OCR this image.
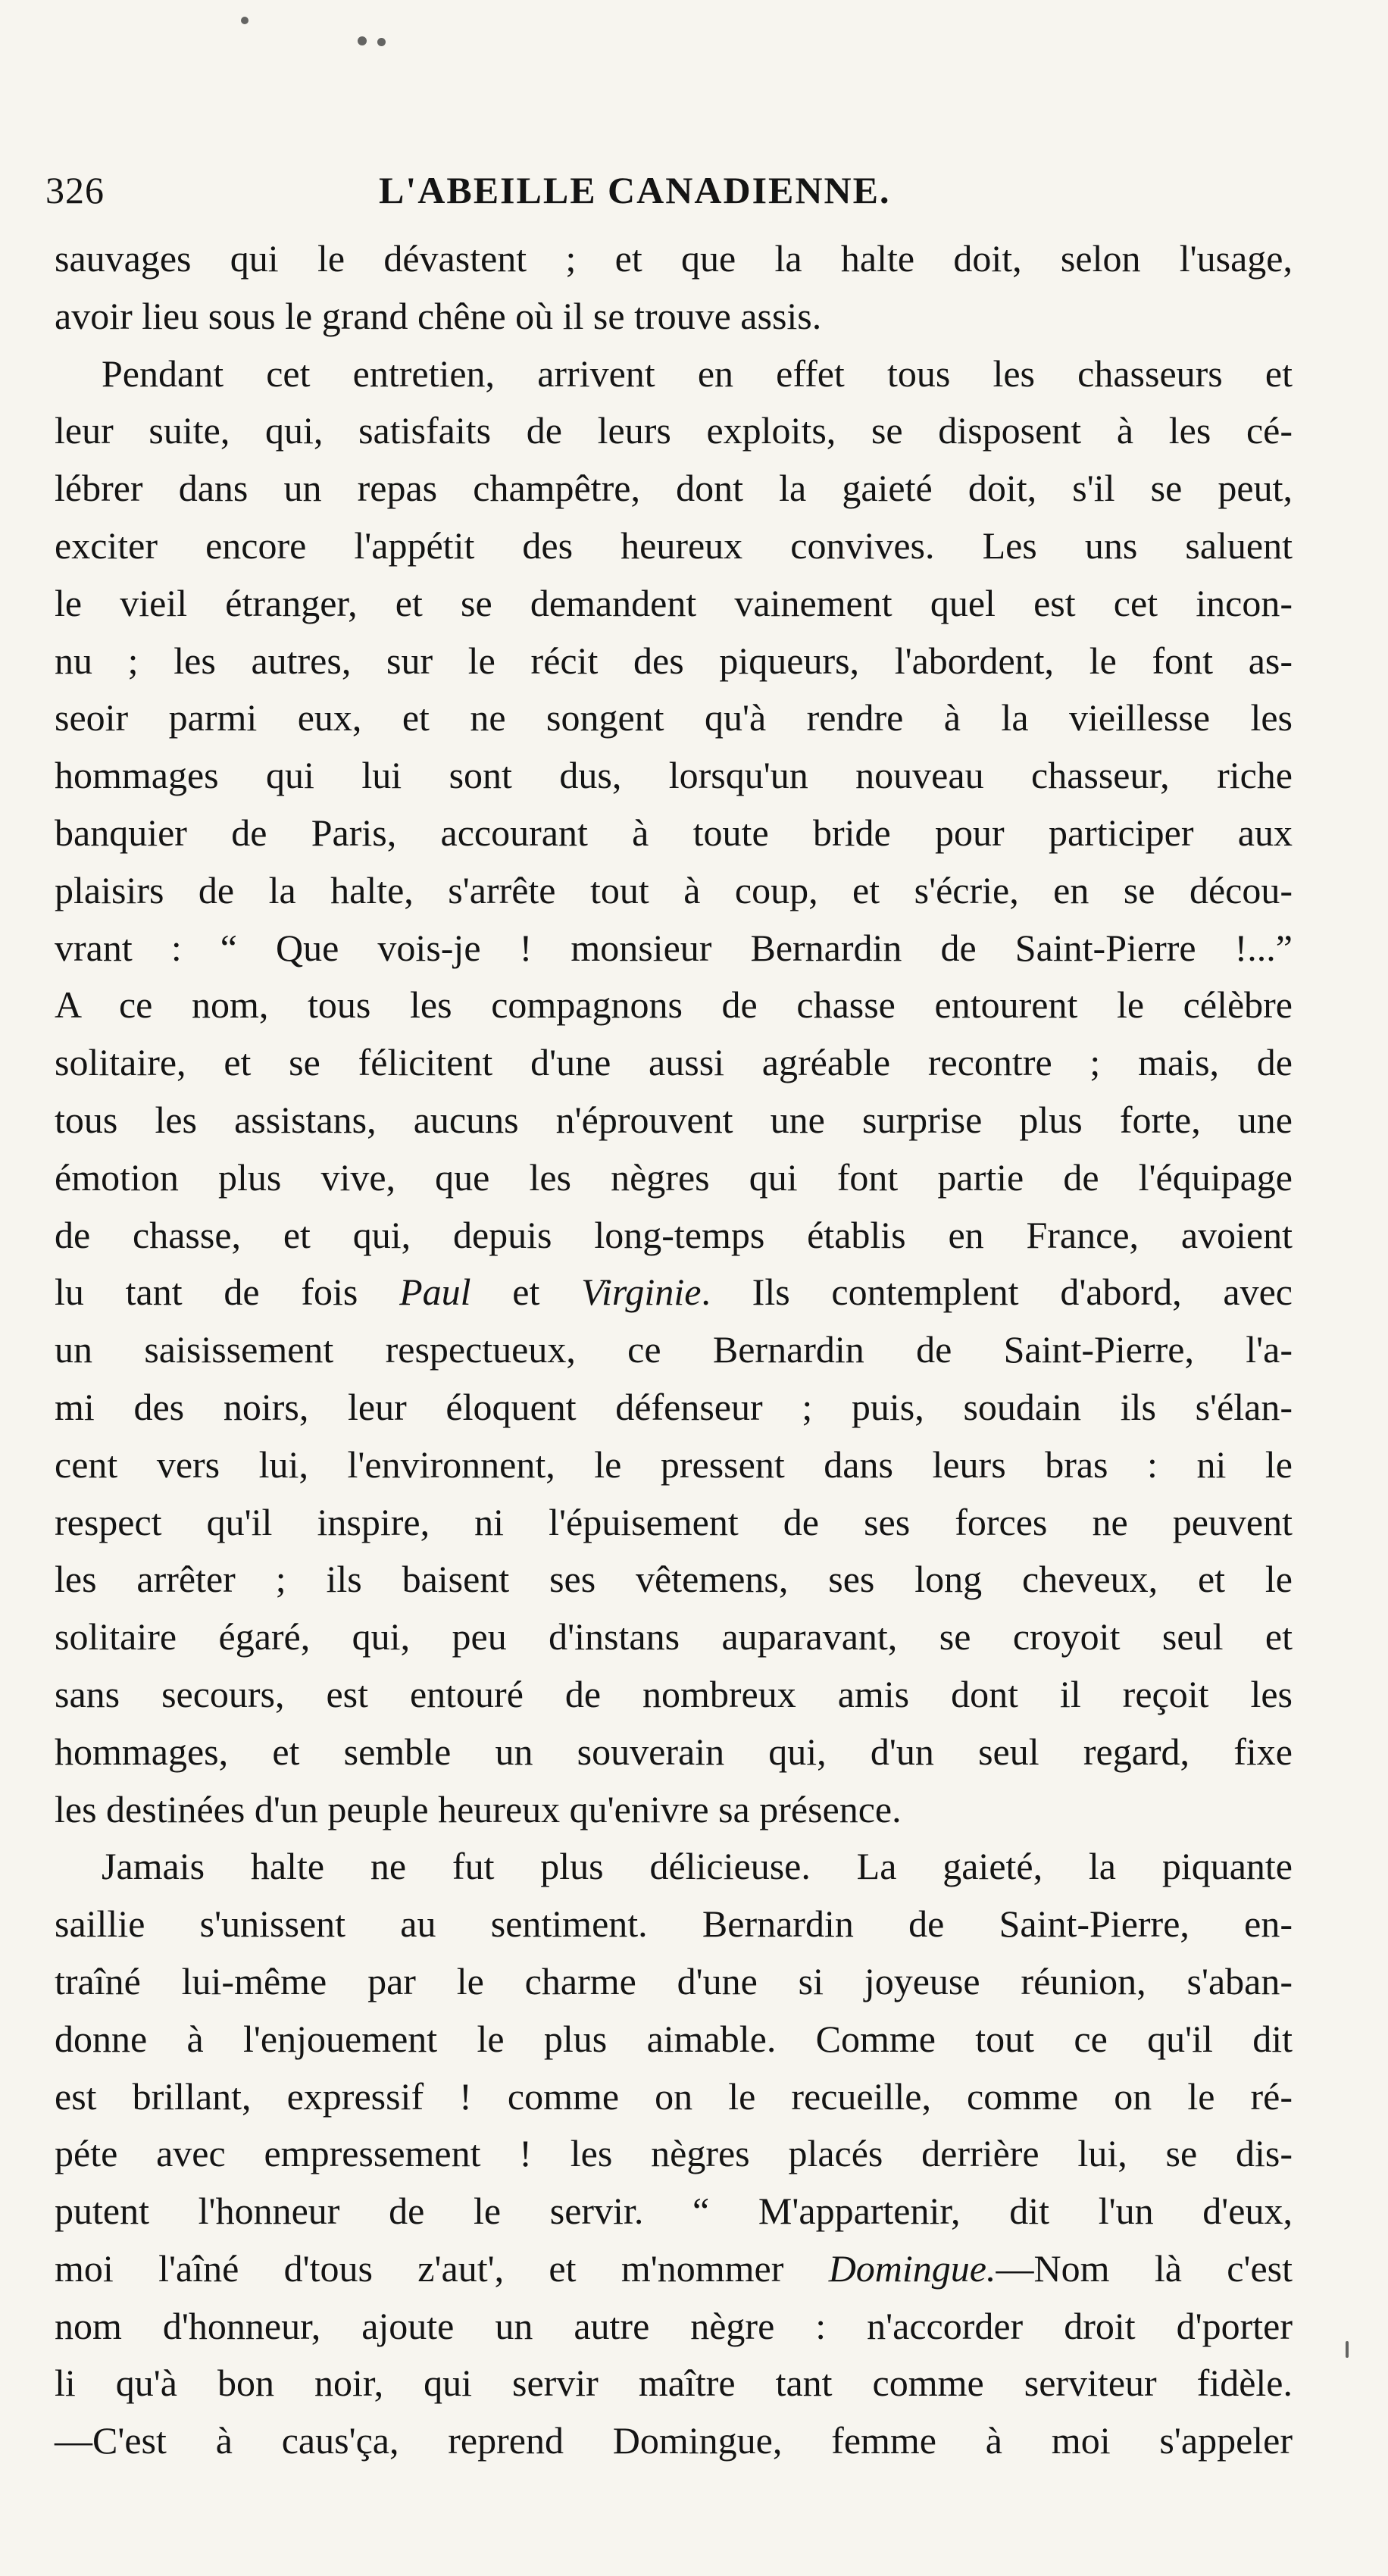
326	L'ABEILLE CANADIENNE.
sauvages qui le dévastent ; et que la halte doit, selon l'usage,
avoir lieu sous le grand chêne où il se trouve assis.
Pendant cet entretien, arrivent en effet tous les chasseurs et
leur suite, qui, satisfaits de leurs exploits, se disposent à les cé-
lébrer dans un repas champêtre, dont la gaieté doit, s'il se peut,
exciter encore l'appétit des heureux convives. Les uns saluent
le vieil étranger, et se demandent vainement quel est cet incon-
nu ; les autres, sur le récit des piqueurs, l'abordent, le font as-
seoir parmi eux, et ne songent qu'à rendre à la vieillesse les
hommages qui lui sont dus, lorsqu'un nouveau chasseur, riche
banquier de Paris, accourant à toute bride pour participer aux
plaisirs de la halte, s'arrête tout à coup, et s'écrie, en se décou-
vrant : “ Que vois-je ! monsieur Bernardin de Saint-Pierre !...”
A ce nom, tous les compagnons de chasse entourent le célèbre
solitaire, et se félicitent d'une aussi agréable recontre ; mais, de
tous les assistans, aucuns n'éprouvent une surprise plus forte, une
émotion plus vive, que les nègres qui font partie de l'équipage
de chasse, et qui, depuis long-temps établis en France, avoient
lu tant de fois Paul et Virginie. Ils contemplent d'abord, avec
un saisissement respectueux, ce Bernardin de Saint-Pierre, l'a-
mi des noirs, leur éloquent défenseur ; puis, soudain ils s'élan-
cent vers lui, l'environnent, le pressent dans leurs bras : ni le
respect qu'il inspire, ni l'épuisement de ses forces ne peuvent
les arrêter ; ils baisent ses vêtemens, ses long cheveux, et le
solitaire égaré, qui, peu d'instans auparavant, se croyoit seul et
sans secours, est entouré de nombreux amis dont il reçoit les
hommages, et semble un souverain qui, d'un seul regard, fixe
les destinées d'un peuple heureux qu'enivre sa présence.
Jamais halte ne fut plus délicieuse. La gaieté, la piquante
saillie s'unissent au sentiment. Bernardin de Saint-Pierre, en-
traîné lui-même par le charme d'une si joyeuse réunion, s'aban-
donne à l'enjouement le plus aimable. Comme tout ce qu'il dit
est brillant, expressif ! comme on le recueille, comme on le ré-
péte avec empressement ! les nègres placés derrière lui, se dis-
putent l'honneur de le servir. “ M'appartenir, dit l'un d'eux,
moi l'aîné d'tous z'aut', et m'nommer Domingue.—Nom là c'est
nom d'honneur, ajoute un autre nègre : n'accorder droit d'porter
li qu'à bon noir, qui servir maître tant comme serviteur fidèle.
—C'est à caus'ça, reprend Domingue, femme à moi s'appeler
